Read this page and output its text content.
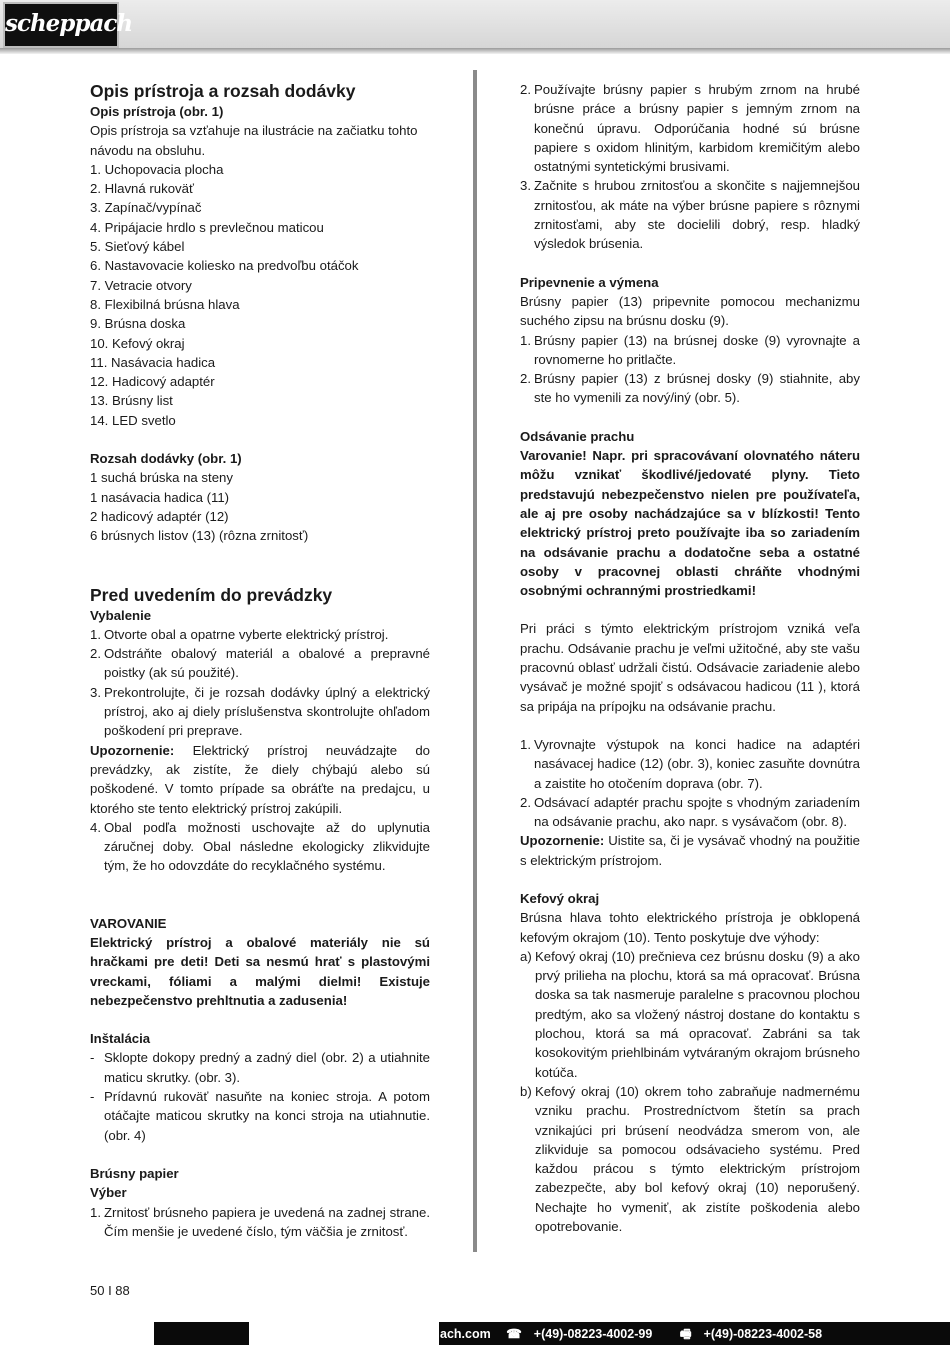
scheppach
Opis prístroja a rozsah dodávky
Opis prístroja (obr. 1)

Opis prístroja sa vzťahuje na ilustrácie na začiatku tohto návodu na obsluhu.

1. Uchopovacia plocha
2. Hlavná rukoväť
3. Zapínač/vypínač
4. Pripájacie hrdlo s prevlečnou maticou
5. Sieťový kábel
6. Nastavovacie koliesko na predvoľbu otáčok
7. Vetracie otvory
8. Flexibilná brúsna hlava
9. Brúsna doska
10. Kefový okraj
11. Nasávacia hadica
12. Hadicový adaptér
13. Brúsny list
14. LED svetlo
Rozsah dodávky (obr. 1)
1 suchá brúska na steny
1 nasávacia hadica (11)
2 hadicový adaptér (12)
6 brúsnych listov (13) (rôzna zrnitosť)
Pred uvedením do prevádzky
Vybalenie
1. Otvorte obal a opatrne vyberte elektrický prístroj.
2. Odstráňte obalový materiál a obalové a prepravné poistky (ak sú použité).
3. Prekontrolujte, či je rozsah dodávky úplný a elektrický prístroj, ako aj diely príslušenstva skontrolujte ohľadom poškodení pri preprave.

Upozornenie: Elektrický prístroj neuvádzajte do prevádzky, ak zistíte, že diely chýbajú alebo sú poškodené. V tomto prípade sa obráťte na predajcu, u ktorého ste tento elektrický prístroj zakúpili.

4. Obal podľa možnosti uschovajte až do uplynutia záručnej doby. Obal následne ekologicky zlikvidujte tým, že ho odovzdáte do recyklačného systému.
VAROVANIE

Elektrický prístroj a obalové materiály nie sú hračkami pre deti! Deti sa nesmú hrať s plastovými vreckami, fóliami a malými dielmi! Existuje nebezpečenstvo prehltnutia a zadusenia!

Inštalácia
- Sklopte dokopy predný a zadný diel (obr. 2) a utiahnite maticu skrutky. (obr. 3).
- Prídavnú rukoväť nasuňte na koniec stroja. A potom otáčajte maticou skrutky na konci stroja na utiahnutie. (obr. 4)
Brúsny papier
Výber
1. Zrnitosť brúsneho papiera je uvedená na zadnej strane. Čím menšie je uvedené číslo, tým väčšia je zrnitosť.
2. Používajte brúsny papier s hrubým zrnom na hrubé brúsne práce a brúsny papier s jemným zrnom na konečnú úpravu. Odporúčania hodné sú brúsne papiere s oxidom hlinitým, karbidom kremičitým alebo ostatnými syntetickými brusivami.
3. Začnite s hrubou zrnitosťou a skončite s najjemnejšou zrnitosťou, ak máte na výber brúsne papiere s rôznymi zrnitosťami, aby ste docielili dobrý, resp. hladký výsledok brúsenia.
Pripevnenie a výmena

Brúsny papier (13) pripevnite pomocou mechanizmu suchého zipsu na brúsnu dosku (9).

1. Brúsny papier (13) na brúsnej doske (9) vyrovnajte a rovnomerne ho pritlačte.
2. Brúsny papier (13) z brúsnej dosky (9) stiahnite, aby ste ho vymenili za nový/iný (obr. 5).
Odsávanie prachu

Varovanie! Napr. pri spracovávaní olovnatého náteru môžu vznikať škodlivé/jedovaté plyny. Tieto predstavujú nebezpečenstvo nielen pre používateľa, ale aj pre osoby nachádzajúce sa v blízkosti! Tento elektrický prístroj preto používajte iba so zariadením na odsávanie prachu a dodatočne seba a ostatné osoby v pracovnej oblasti chráňte vhodnými osobnými ochrannými prostriedkami!

Pri práci s týmto elektrickým prístrojom vzniká veľa prachu. Odsávanie prachu je veľmi užitočné, aby ste vašu pracovnú oblasť udržali čistú. Odsávacie zariadenie alebo vysávač je možné spojiť s odsávacou hadicou (11 ), ktorá sa pripája na prípojku na odsávanie prachu.

1. Vyrovnajte výstupok na konci hadice na adaptéri nasávacej hadice (12) (obr. 3), koniec zasuňte dovnútra a zaistite ho otočením doprava (obr. 7).
2. Odsávací adaptér prachu spojte s vhodným zariadením na odsávanie prachu, ako napr. s vysávačom (obr. 8).

Upozornenie: Uistite sa, či je vysávač vhodný na použitie s elektrickým prístrojom.

Kefový okraj

Brúsna hlava tohto elektrického prístroja je obklopená kefovým okrajom (10). Tento poskytuje dve výhody:

a) Kefový okraj (10) prečnieva cez brúsnu dosku (9) a ako prvý prilieha na plochu, ktorá sa má opracovať. Brúsna doska sa tak nasmeruje paralelne s pracovnou plochou predtým, ako sa vložený nástroj dostane do kontaktu s plochou, ktorá sa má opracovať. Zabráni sa tak kosokovitým priehlbinám vytváraným okrajom brúsneho kotúča.
b) Kefový okraj (10) okrem toho zabraňuje nadmernému vzniku prachu. Prostredníctvom štetín sa prach vznikajúci pri brúsení neodvádza smerom von, ale zlikviduje sa pomocou odsávacieho systému. Pred každou prácou s týmto elektrickým prístrojom zabezpečte, aby bol kefový okraj (10) neporušený. Nechajte ho vymeniť, ak zistíte poškodenia alebo opotrebovanie.
50 I 88
ach.com ☎ +(49)-08223-4002-99 🖷 +(49)-08223-4002-58
